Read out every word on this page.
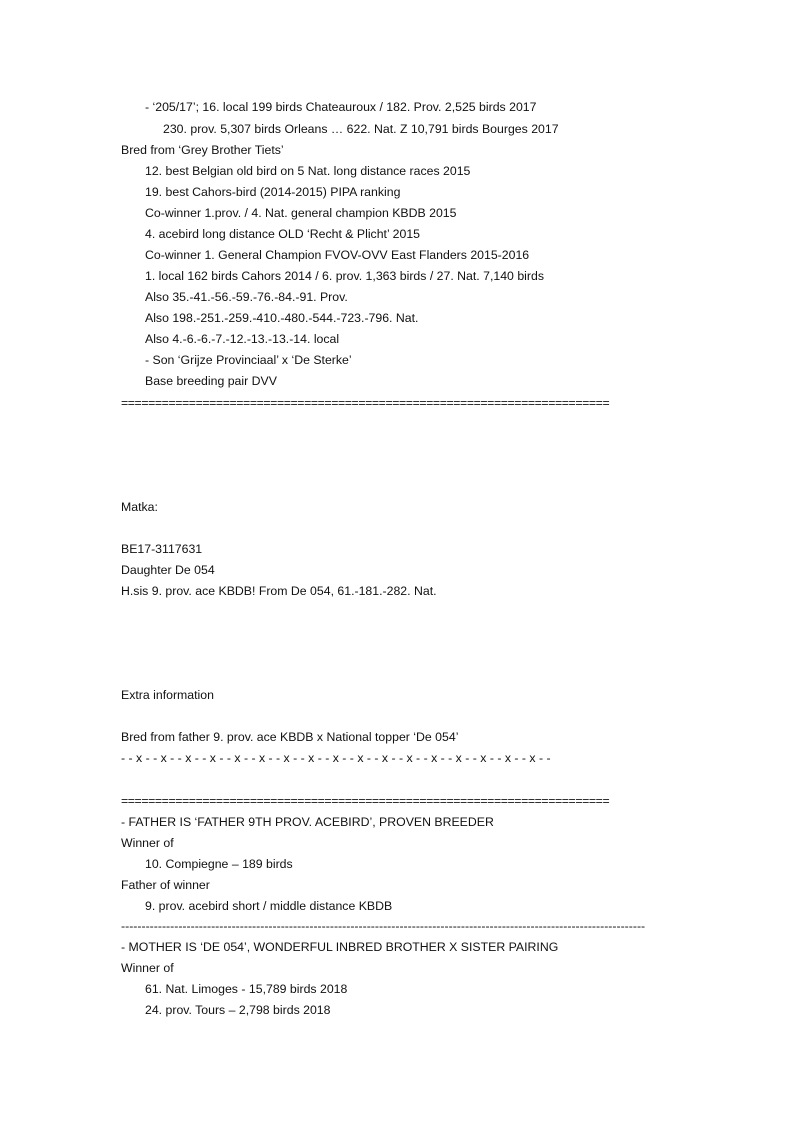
- ‘205/17’; 16. local 199 birds Chateauroux / 182. Prov. 2,525 birds 2017
230. prov. 5,307 birds Orleans … 622. Nat. Z 10,791 birds Bourges 2017
Bred from ‘Grey Brother Tiets’
12. best Belgian old bird on 5 Nat. long distance races 2015
19. best Cahors-bird (2014-2015) PIPA ranking
Co-winner 1.prov. / 4. Nat. general champion KBDB 2015
4. acebird long distance OLD ‘Recht & Plicht’ 2015
Co-winner 1. General Champion FVOV-OVV East Flanders 2015-2016
1. local 162 birds Cahors 2014 / 6. prov. 1,363 birds / 27. Nat. 7,140 birds
Also 35.-41.-56.-59.-76.-84.-91. Prov.
Also 198.-251.-259.-410.-480.-544.-723.-796. Nat.
Also 4.-6.-6.-7.-12.-13.-13.-14. local
- Son ‘Grijze Provinciaal’ x ‘De Sterke’
Base breeding pair DVV
========================================================================
Matka:
BE17-3117631
Daughter De 054
H.sis 9. prov. ace KBDB! From De 054, 61.-181.-282. Nat.
Extra information
Bred from father 9. prov. ace KBDB x National topper ‘De 054’
- - x - - x - - x - - x - - x - - x - - x - - x - - x - - x - - x - - x - - x - - x - - x - - x - - x - -
========================================================================
- FATHER IS ‘FATHER 9TH PROV. ACEBIRD’, PROVEN BREEDER
Winner of
10. Compiegne – 189 birds
Father of winner
9. prov. acebird short / middle distance KBDB
--------------------------------------------------------------------------------------------------------------------------------
- MOTHER IS ‘DE 054’, WONDERFUL INBRED BROTHER X SISTER PAIRING
Winner of
61. Nat. Limoges - 15,789 birds 2018
24. prov. Tours – 2,798 birds 2018
